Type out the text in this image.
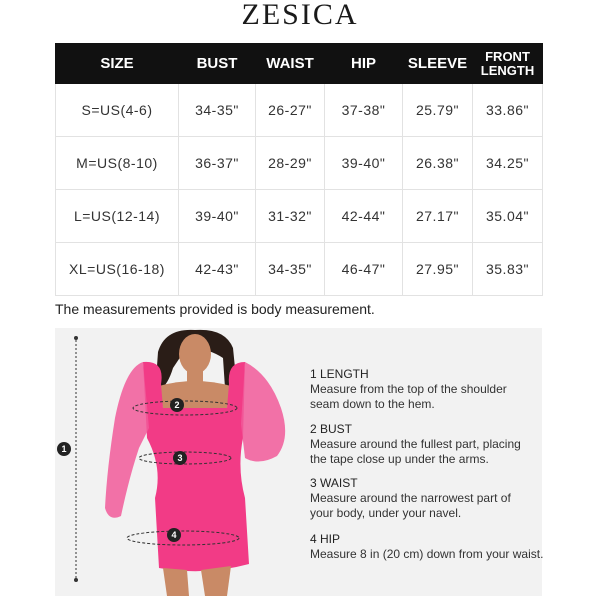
ZESICA
SIZE	BUST	WAIST	HIP	SLEEVE	FRONT LENGTH
S=US(4-6)	34-35"	26-27"	37-38"	25.79"	33.86"
M=US(8-10)	36-37"	28-29"	39-40"	26.38"	34.25"
L=US(12-14)	39-40"	31-32"	42-44"	27.17"	35.04"
XL=US(16-18)	42-43"	34-35"	46-47"	27.95"	35.83"
The measurements provided is body measurement.
1
2
3
4
1 LENGTH
Measure from the top of the shoulder
seam down to the hem.
2 BUST
Measure around the fullest part, placing
the tape close up under the arms.
3 WAIST
Measure around the narrowest part of
your body, under your navel.
4 HIP
Measure 8 in (20 cm) down from your waist.
